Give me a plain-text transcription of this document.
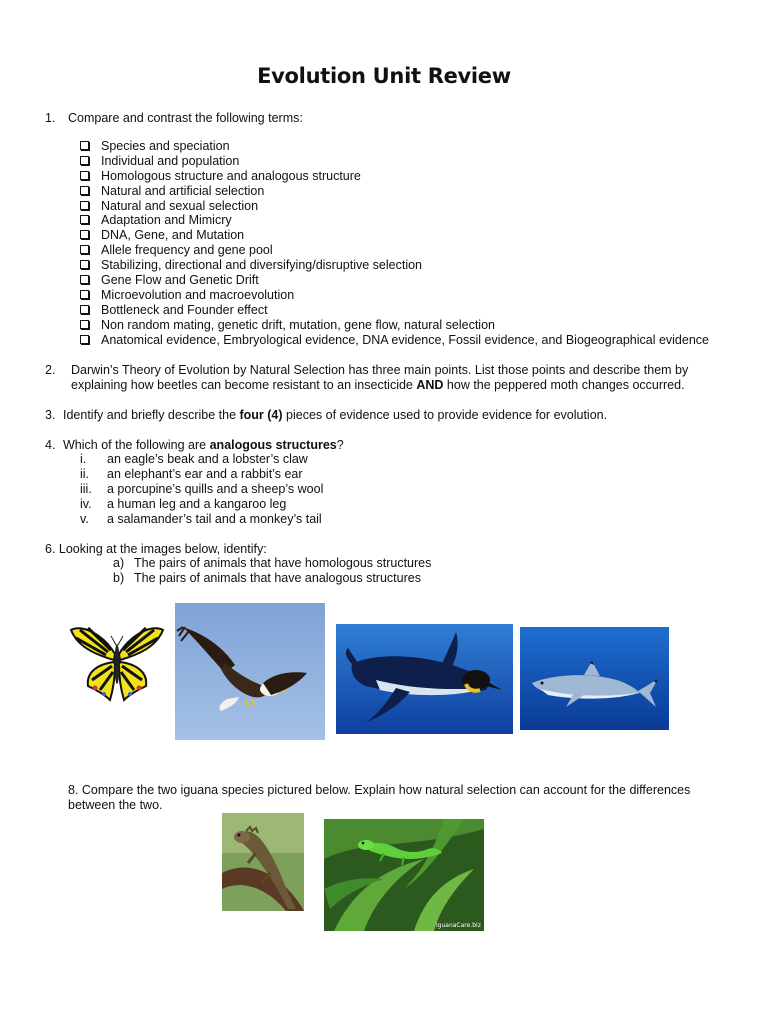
Evolution Unit Review
1. Compare and contrast the following terms:
Species and speciation
Individual and population
Homologous structure and analogous structure
Natural and artificial selection
Natural and sexual selection
Adaptation and Mimicry
DNA, Gene, and Mutation
Allele frequency and gene pool
Stabilizing, directional and diversifying/disruptive selection
Gene Flow and Genetic Drift
Microevolution and macroevolution
Bottleneck and Founder effect
Non random mating, genetic drift, mutation, gene flow, natural selection
Anatomical evidence, Embryological evidence, DNA evidence, Fossil evidence, and Biogeographical evidence
2. Darwin’s Theory of Evolution by Natural Selection has three main points. List those points and describe them by
explaining how beetles can become resistant to an insecticide AND how the peppered moth changes occurred.
3. Identify and briefly describe the four (4) pieces of evidence used to provide evidence for evolution.
4. Which of the following are analogous structures?
i. an eagle’s beak and a lobster’s claw
ii. an elephant’s ear and a rabbit’s ear
iii. a porcupine’s quills and a sheep’s wool
iv. a human leg and a kangaroo leg
v. a salamander’s tail and a monkey’s tail
6. Looking at the images below, identify:
a) The pairs of animals that have homologous structures
b) The pairs of animals that have analogous structures
8. Compare the two iguana species pictured below. Explain how natural selection can account for the differences
between the two.
iguanaCare.biz
